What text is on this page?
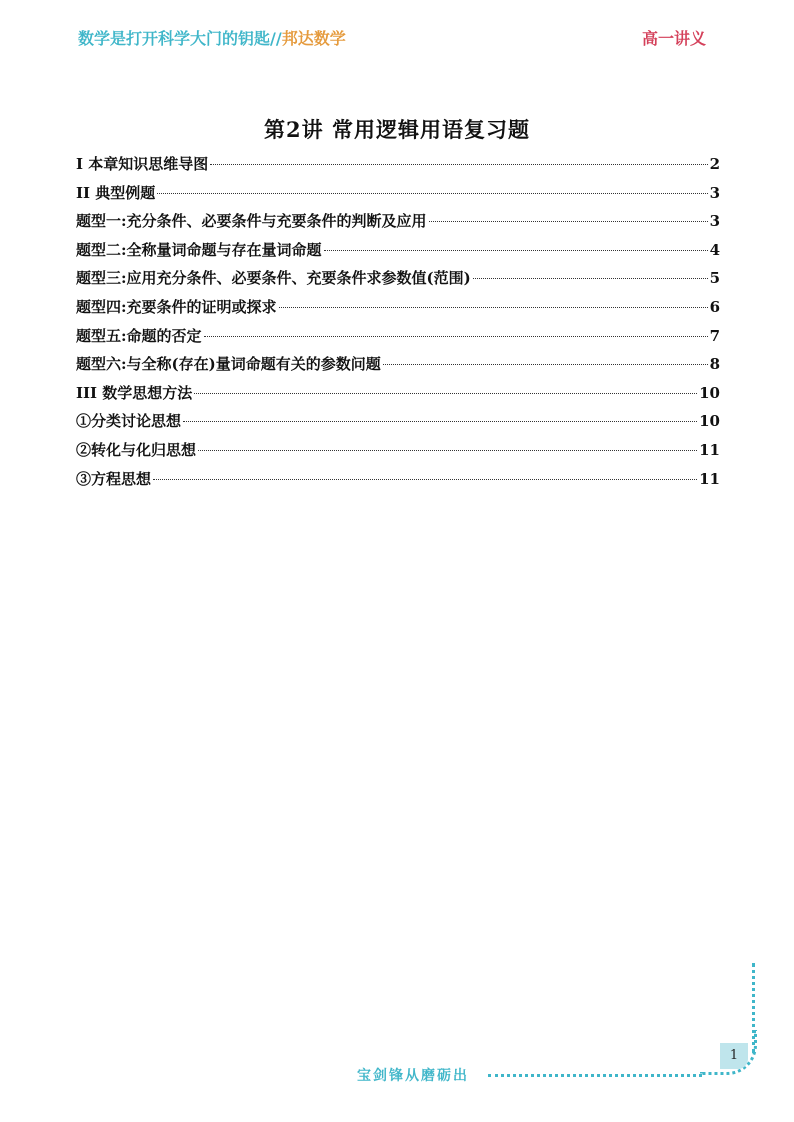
数学是打开科学大门的钥匙//邦达数学	高一讲义
第2讲 常用逻辑用语复习题
I 本章知识思维导图	2
II 典型例题	3
题型一:充分条件、必要条件与充要条件的判断及应用	3
题型二:全称量词命题与存在量词命题	4
题型三:应用充分条件、必要条件、充要条件求参数值(范围)	5
题型四:充要条件的证明或探求	6
题型五:命题的否定	7
题型六:与全称(存在)量词命题有关的参数问题	8
III 数学思想方法	10
①分类讨论思想	10
②转化与化归思想	11
③方程思想	11
1
宝剑锋从磨砺出
